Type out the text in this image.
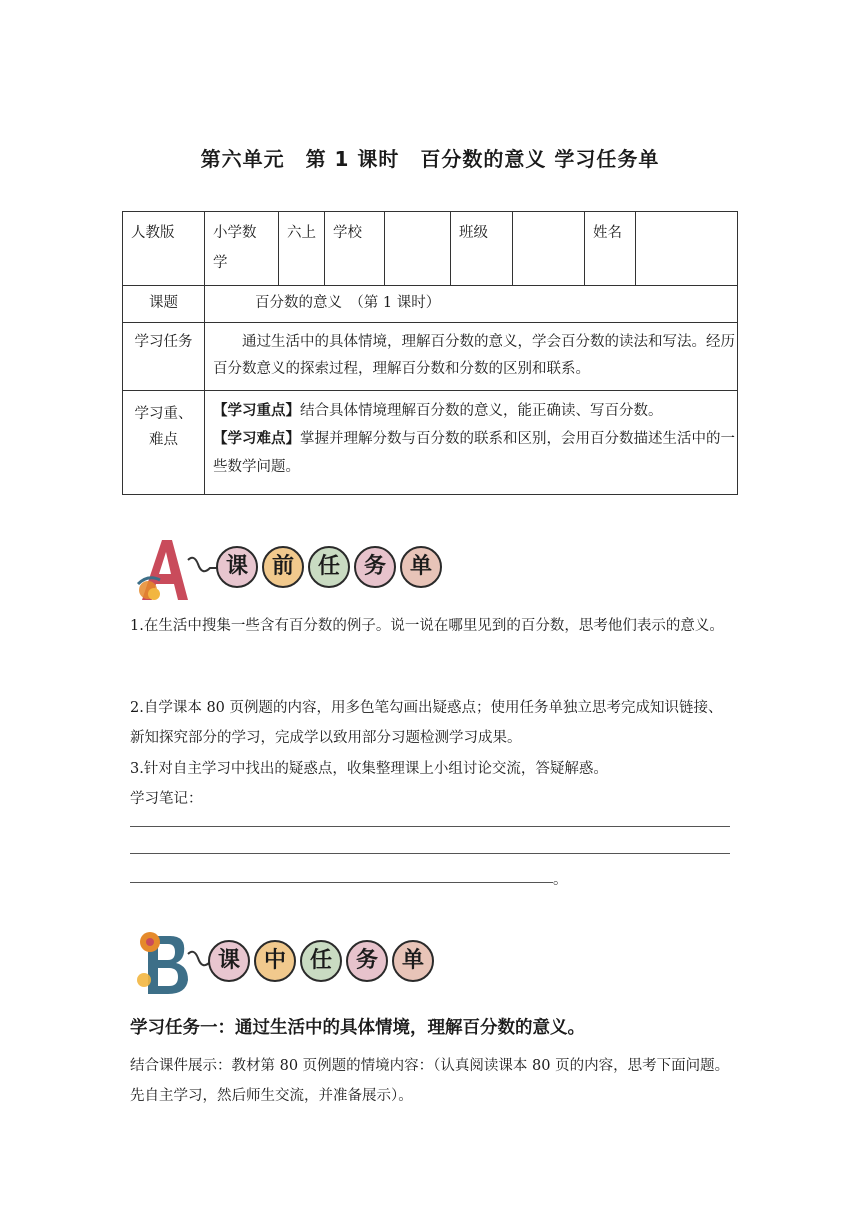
第六单元　第 1 课时　百分数的意义 学习任务单
人教版	小学数学	六上	学校		班级		姓名	
课题	百分数的意义　（第 1 课时）							
学习任务	通过生活中的具体情境，理解百分数的意义，学会百分数的读法和写法。经历百分数意义的探索过程，理解百分数和分数的区别和联系。							
学习重、难点	【学习重点】结合具体情境理解百分数的意义，能正确读、写百分数。
【学习难点】掌握并理解分数与百分数的联系和区别，会用百分数描述生活中的一些数学问题。							
课	前	任	务	单
1.在生活中搜集一些含有百分数的例子。说一说在哪里见到的百分数，思考他们表示的意义。
2.自学课本 80 页例题的内容，用多色笔勾画出疑惑点；使用任务单独立思考完成知识链接、
新知探究部分的学习，完成学以致用部分习题检测学习成果。
3.针对自主学习中找出的疑惑点，收集整理课上小组讨论交流，答疑解惑。
学习笔记：
。
课	中	任	务	单
学习任务一：通过生活中的具体情境，理解百分数的意义。
结合课件展示：教材第 80 页例题的情境内容：（认真阅读课本 80 页的内容，思考下面问题。
先自主学习，然后师生交流，并准备展示）。
